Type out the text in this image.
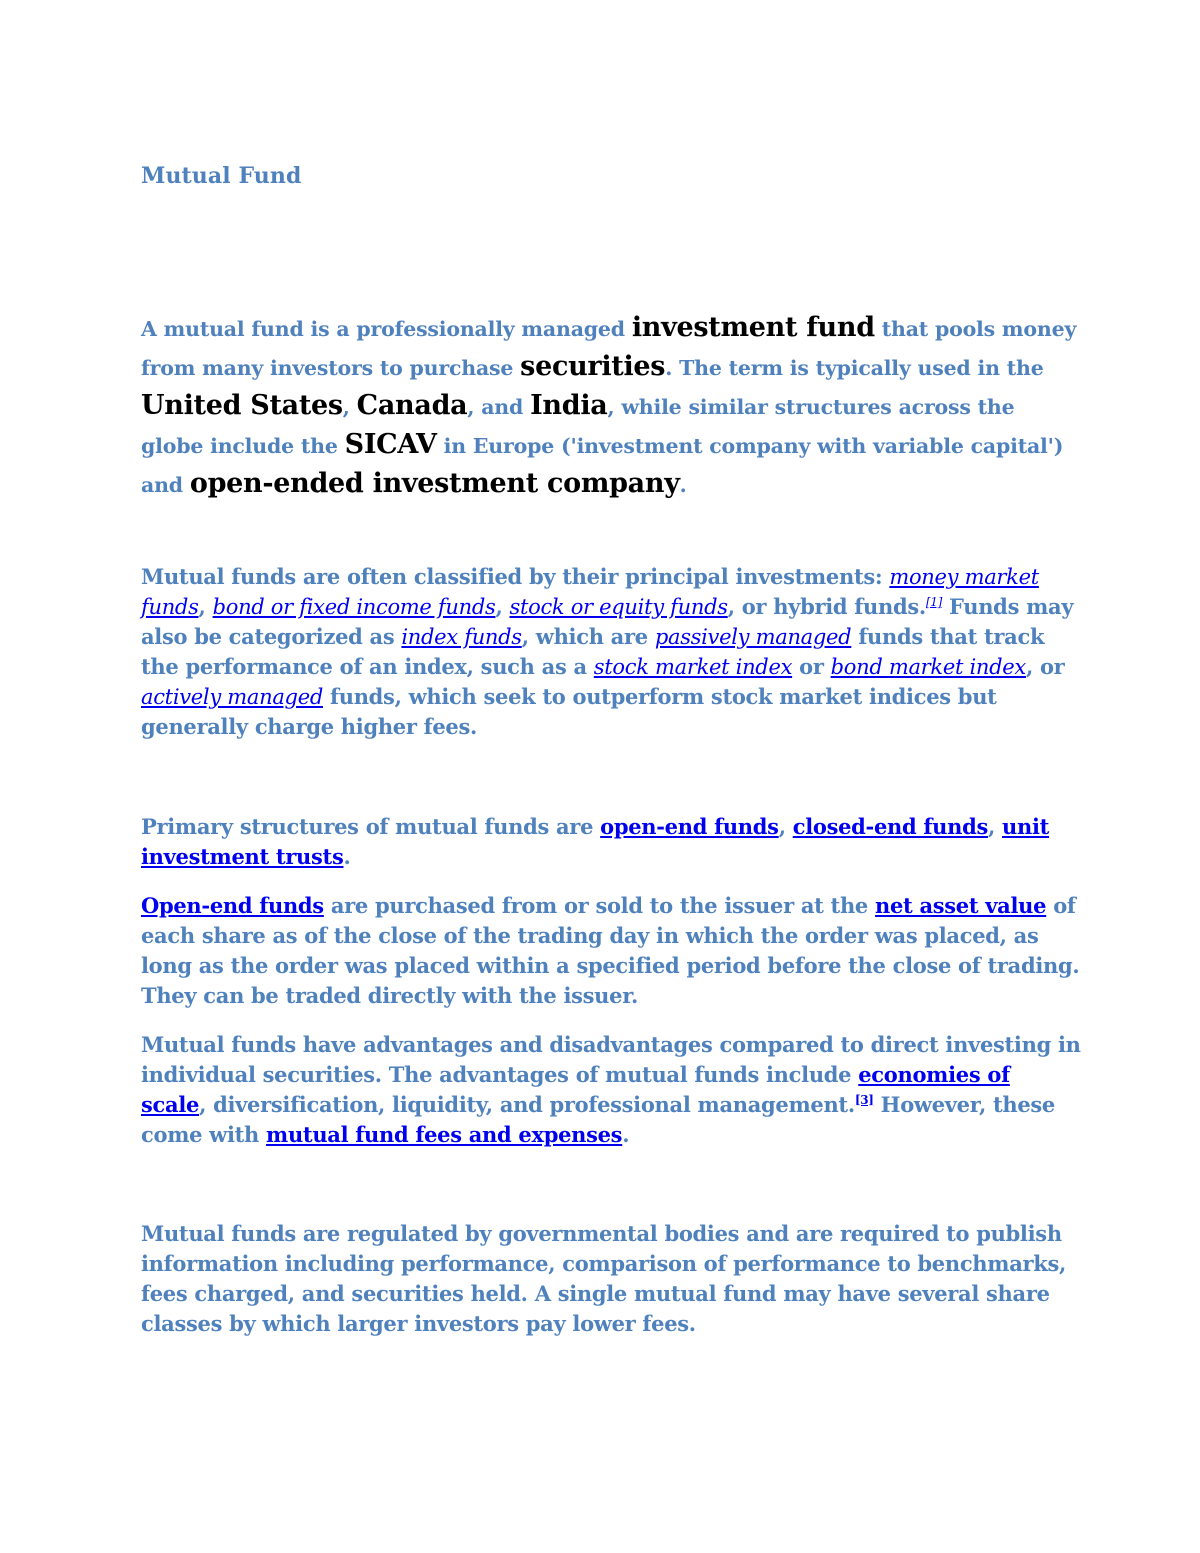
Mutual Fund
A mutual fund is a professionally managed investment fund that pools money from many investors to purchase securities. The term is typically used in the United States, Canada, and India, while similar structures across the globe include the SICAV in Europe ('investment company with variable capital') and open-ended investment company.
Mutual funds are often classified by their principal investments: money market funds, bond or fixed income funds, stock or equity funds, or hybrid funds.[1] Funds may also be categorized as index funds, which are passively managed funds that track the performance of an index, such as a stock market index or bond market index, or actively managed funds, which seek to outperform stock market indices but generally charge higher fees.
Primary structures of mutual funds are open-end funds, closed-end funds, unit investment trusts.
Open-end funds are purchased from or sold to the issuer at the net asset value of each share as of the close of the trading day in which the order was placed, as long as the order was placed within a specified period before the close of trading. They can be traded directly with the issuer.
Mutual funds have advantages and disadvantages compared to direct investing in individual securities. The advantages of mutual funds include economies of scale, diversification, liquidity, and professional management.[3] However, these come with mutual fund fees and expenses.
Mutual funds are regulated by governmental bodies and are required to publish information including performance, comparison of performance to benchmarks, fees charged, and securities held. A single mutual fund may have several share classes by which larger investors pay lower fees.
